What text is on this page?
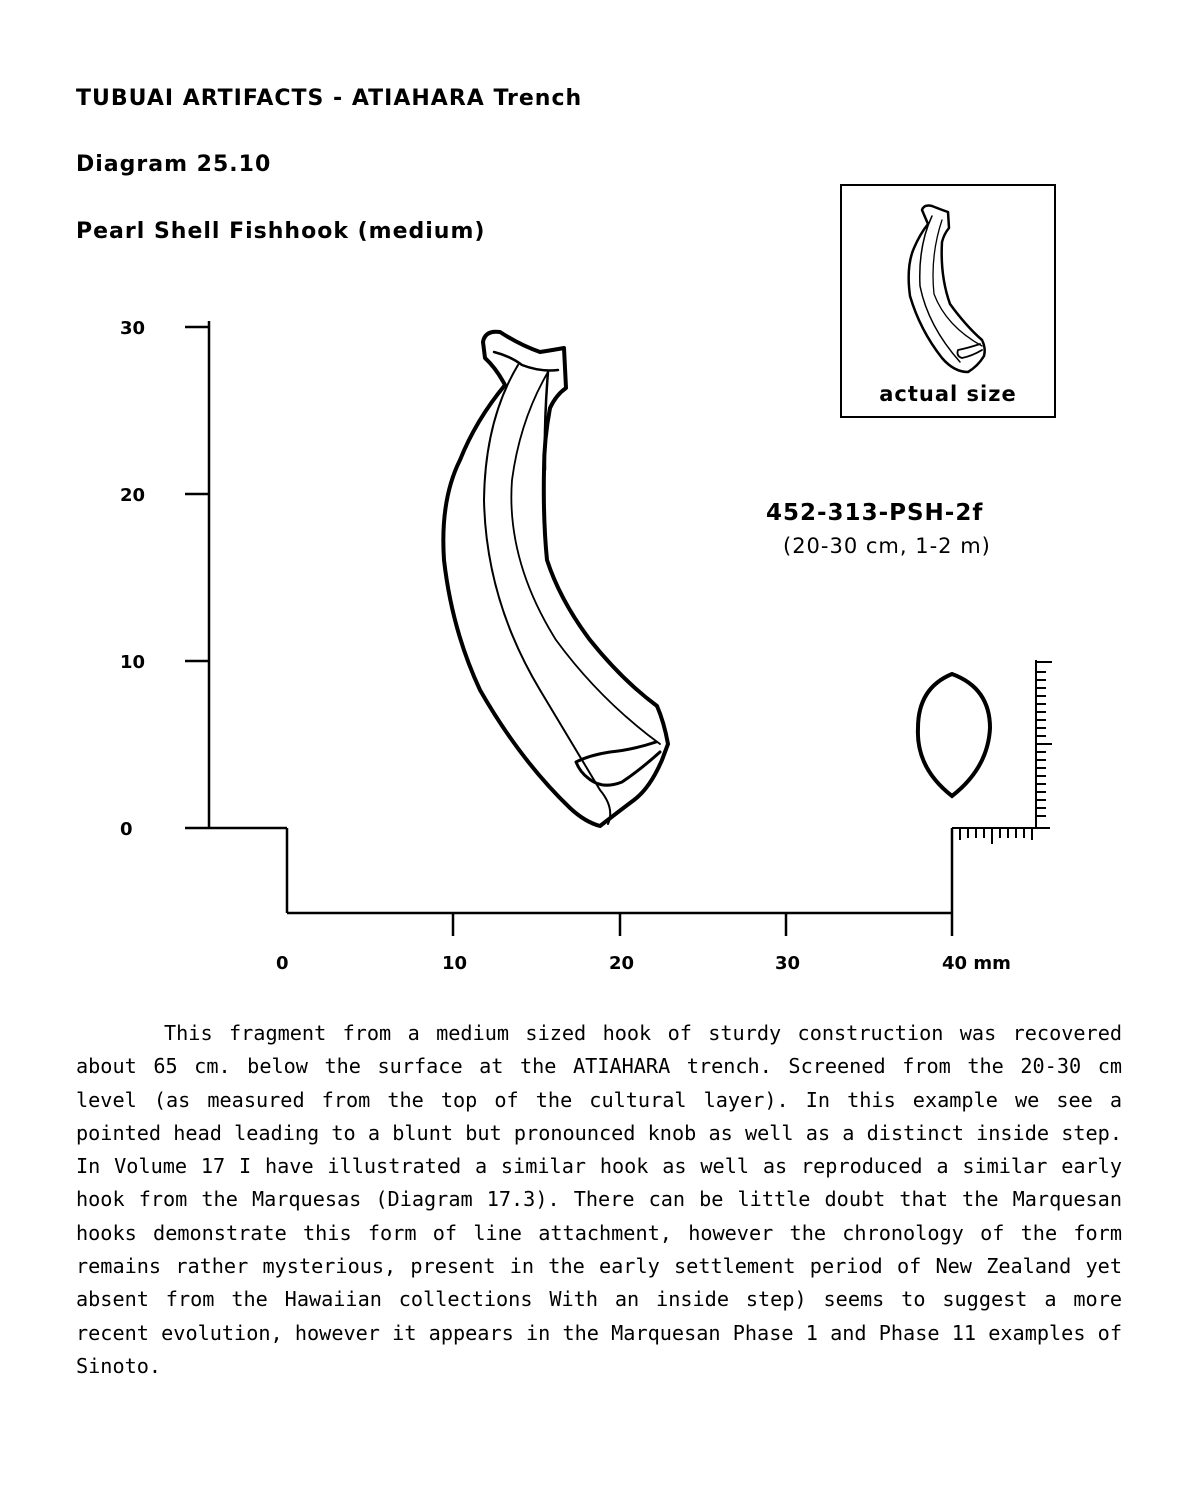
TUBUAI ARTIFACTS - ATIAHARA Trench
Diagram 25.10
Pearl Shell Fishhook (medium)
30
20
10
0
0	10	20	30	40 mm
actual size
452-313-PSH-2f
(20-30 cm, 1-2 m)

This fragment from a medium sized hook of sturdy construction was recovered about 65 cm. below the surface at the ATIAHARA trench. Screened from the 20-30 cm level (as measured from the top of the cultural layer). In this example we see a pointed head leading to a blunt but pronounced knob as well as a distinct inside step. In Volume 17 I have illustrated a similar hook as well as reproduced a similar early hook from the Marquesas (Diagram 17.3). There can be little doubt that the Marquesan hooks demonstrate this form of line attachment, however the chronology of the form remains rather mysterious, present in the early settlement period of New Zealand yet absent from the Hawaiian collections With an inside step) seems to suggest a more recent evolution, however it appears in the Marquesan Phase 1 and Phase 11 examples of Sinoto.
